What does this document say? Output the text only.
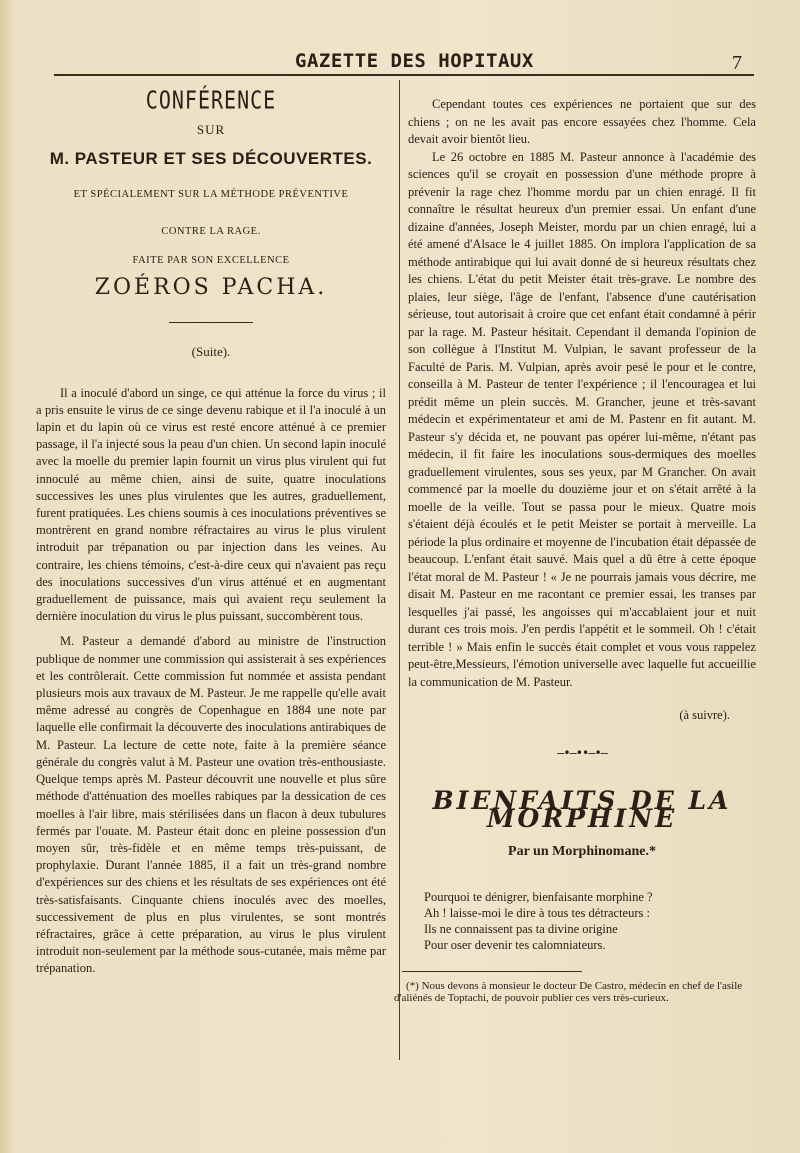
GAZETTE DES HOPITAUX	7
CONFÉRENCE
SUR
M. PASTEUR ET SES DÉCOUVERTES.
ET SPÉCIALEMENT SUR LA MÉTHODE PRÉVENTIVE
CONTRE LA RAGE.
FAITE PAR SON EXCELLENCE
ZOÉROS PACHA.
(Suite).

Il a inoculé d'abord un singe, ce qui atténue la force du virus ; il a pris ensuite le virus de ce singe devenu rabique et il l'a inoculé à un lapin et du lapin où ce virus est resté encore atténué à ce premier passage, il l'a injecté sous la peau d'un chien. Un second lapin inoculé avec la moelle du premier lapin fournit un virus plus virulent qui fut innoculé au même chien, ainsi de suite, quatre inoculations successives les unes plus virulentes que les autres, graduellement, furent pratiquées. Les chiens soumis à ces inoculations préventives se montrèrent en grand nombre réfractaires au virus le plus virulent introduit par trépanation ou par injection dans les veines. Au contraire, les chiens témoins, c'est-à-dire ceux qui n'avaient pas reçu des inoculations successives d'un virus atténué et en augmentant graduellement de puissance, mais qui avaient reçu seulement la dernière inoculation du virus le plus puissant, succombèrent tous.

M. Pasteur a demandé d'abord au ministre de l'instruction publique de nommer une commission qui assisterait à ses expériences et les contrôlerait. Cette commission fut nommée et assista pendant plusieurs mois aux travaux de M. Pasteur. Je me rappelle qu'elle avait même adressé au congrès de Copenhague en 1884 une note par laquelle elle confirmait la découverte des inoculations antirabiques de M. Pasteur. La lecture de cette note, faite à la première séance générale du congrès valut à M. Pasteur une ovation très-enthousiaste. Quelque temps après M. Pasteur découvrit une nouvelle et plus sûre méthode d'atténuation des moelles rabiques par la dessication de ces moelles à l'air libre, mais stérilisées dans un flacon à deux tubulures fermés par l'ouate. M. Pasteur était donc en pleine possession d'un moyen sûr, très-fidèle et en même temps très-puissant, de prophylaxie. Durant l'année 1885, il a fait un très-grand nombre d'expériences sur des chiens et les résultats de ses expériences ont été très-satisfaisants. Cinquante chiens inoculés avec des moelles, successivement de plus en plus virulentes, se sont montrés réfractaires, grâce à cette préparation, au virus le plus virulent introduit non-seulement par la méthode sous-cutanée, mais même par trépanation.

Cependant toutes ces expériences ne portaient que sur des chiens ; on ne les avait pas encore essayées chez l'homme. Cela devait avoir bientôt lieu.

Le 26 octobre en 1885 M. Pasteur annonce à l'académie des sciences qu'il se croyait en possession d'une méthode propre à prévenir la rage chez l'homme mordu par un chien enragé. Il fit connaître le résultat heureux d'un premier essai. Un enfant d'une dizaine d'années, Joseph Meister, mordu par un chien enragé, lui a été amené d'Alsace le 4 juillet 1885. On implora l'application de sa méthode antirabique qui lui avait donné de si heureux résultats chez les chiens. L'état du petit Meister était très-grave. Le nombre des plaies, leur siège, l'âge de l'enfant, l'absence d'une cautérisation sérieuse, tout autorisait à croire que cet enfant était condamné à périr par la rage. M. Pasteur hésitait. Cependant il demanda l'opinion de son collègue à l'Institut M. Vulpian, le savant professeur de la Faculté de Paris. M. Vulpian, après avoir pesé le pour et le contre, conseilla à M. Pasteur de tenter l'expérience ; il l'encouragea et lui prédit même un plein succès. M. Grancher, jeune et très-savant médecin et expérimentateur et ami de M. Pastenr en fit autant. M. Pasteur s'y décida et, ne pouvant pas opérer lui-même, n'étant pas médecin, il fit faire les inoculations sous-dermiques des moelles graduellement virulentes, sous ses yeux, par M Grancher. On avait commencé par la moelle du douzième jour et on s'était arrêté à la moelle de la veille. Tout se passa pour le mieux. Quatre mois s'étaient déjà écoulés et le petit Meister se portait à merveille. La période la plus ordinaire et moyenne de l'incubation était dépassée de beaucoup. L'enfant était sauvé. Mais quel a dû être à cette époque l'état moral de M. Pasteur ! « Je ne pourrais jamais vous décrire, me disait M. Pasteur en me racontant ce premier essai, les transes par lesquelles j'ai passé, les angoisses qui m'accablaient jour et nuit durant ces trois mois. J'en perdis l'appétit et le sommeil. Oh ! c'était terrible ! » Mais enfin le succès était complet et vous vous rappelez peut-être,Messieurs, l'émotion universelle avec laquelle fut accueillie la communication de M. Pasteur.

(à suivre).
—•—••—•—
BIENFAITS DE LA MORPHINE
Par un Morphinomane.*
Pourquoi te dénigrer, bienfaisante morphine ?
Ah ! laisse-moi le dire à tous tes détracteurs :
Ils ne connaissent pas ta divine origine
Pour oser devenir tes calomniateurs.
(*) Nous devons à monsieur le docteur De Castro, médecin en chef de l'asile d'aliénés de Toptachi, de pouvoir publier ces vers très-curieux.
